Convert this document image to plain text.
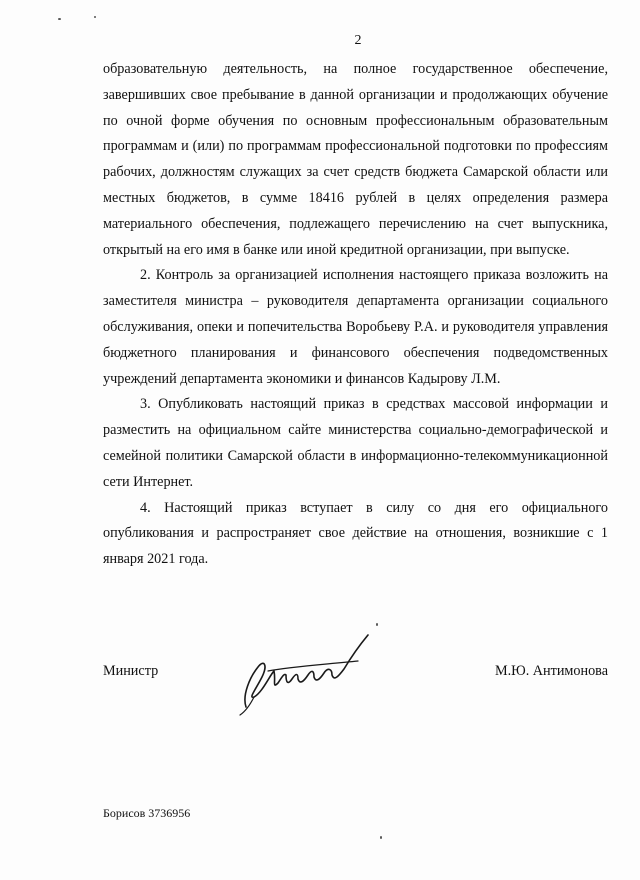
2

образовательную деятельность, на полное государственное обеспечение, завершивших свое пребывание в данной организации и продолжающих обучение по очной форме обучения по основным профессиональным образовательным программам и (или) по программам профессиональной подготовки по профессиям рабочих, должностям служащих за счет средств бюджета Самарской области или местных бюджетов, в сумме 18416 рублей в целях определения размера материального обеспечения, подлежащего перечислению на счет выпускника, открытый на его имя в банке или иной кредитной организации, при выпуске.

2. Контроль за организацией исполнения настоящего приказа возложить на заместителя министра – руководителя департамента организации социального обслуживания, опеки и попечительства Воробьеву Р.А. и руководителя управления бюджетного планирования и финансового обеспечения подведомственных учреждений департамента экономики и финансов Кадырову Л.М.

3. Опубликовать настоящий приказ в средствах массовой информации и разместить на официальном сайте министерства социально-демографической и семейной политики Самарской области в информационно-телекоммуникационной сети Интернет.

4. Настоящий приказ вступает в силу со дня его официального опубликования и распространяет свое действие на отношения, возникшие с 1 января 2021 года.

Министр	М.Ю. Антимонова
Борисов 3736956
